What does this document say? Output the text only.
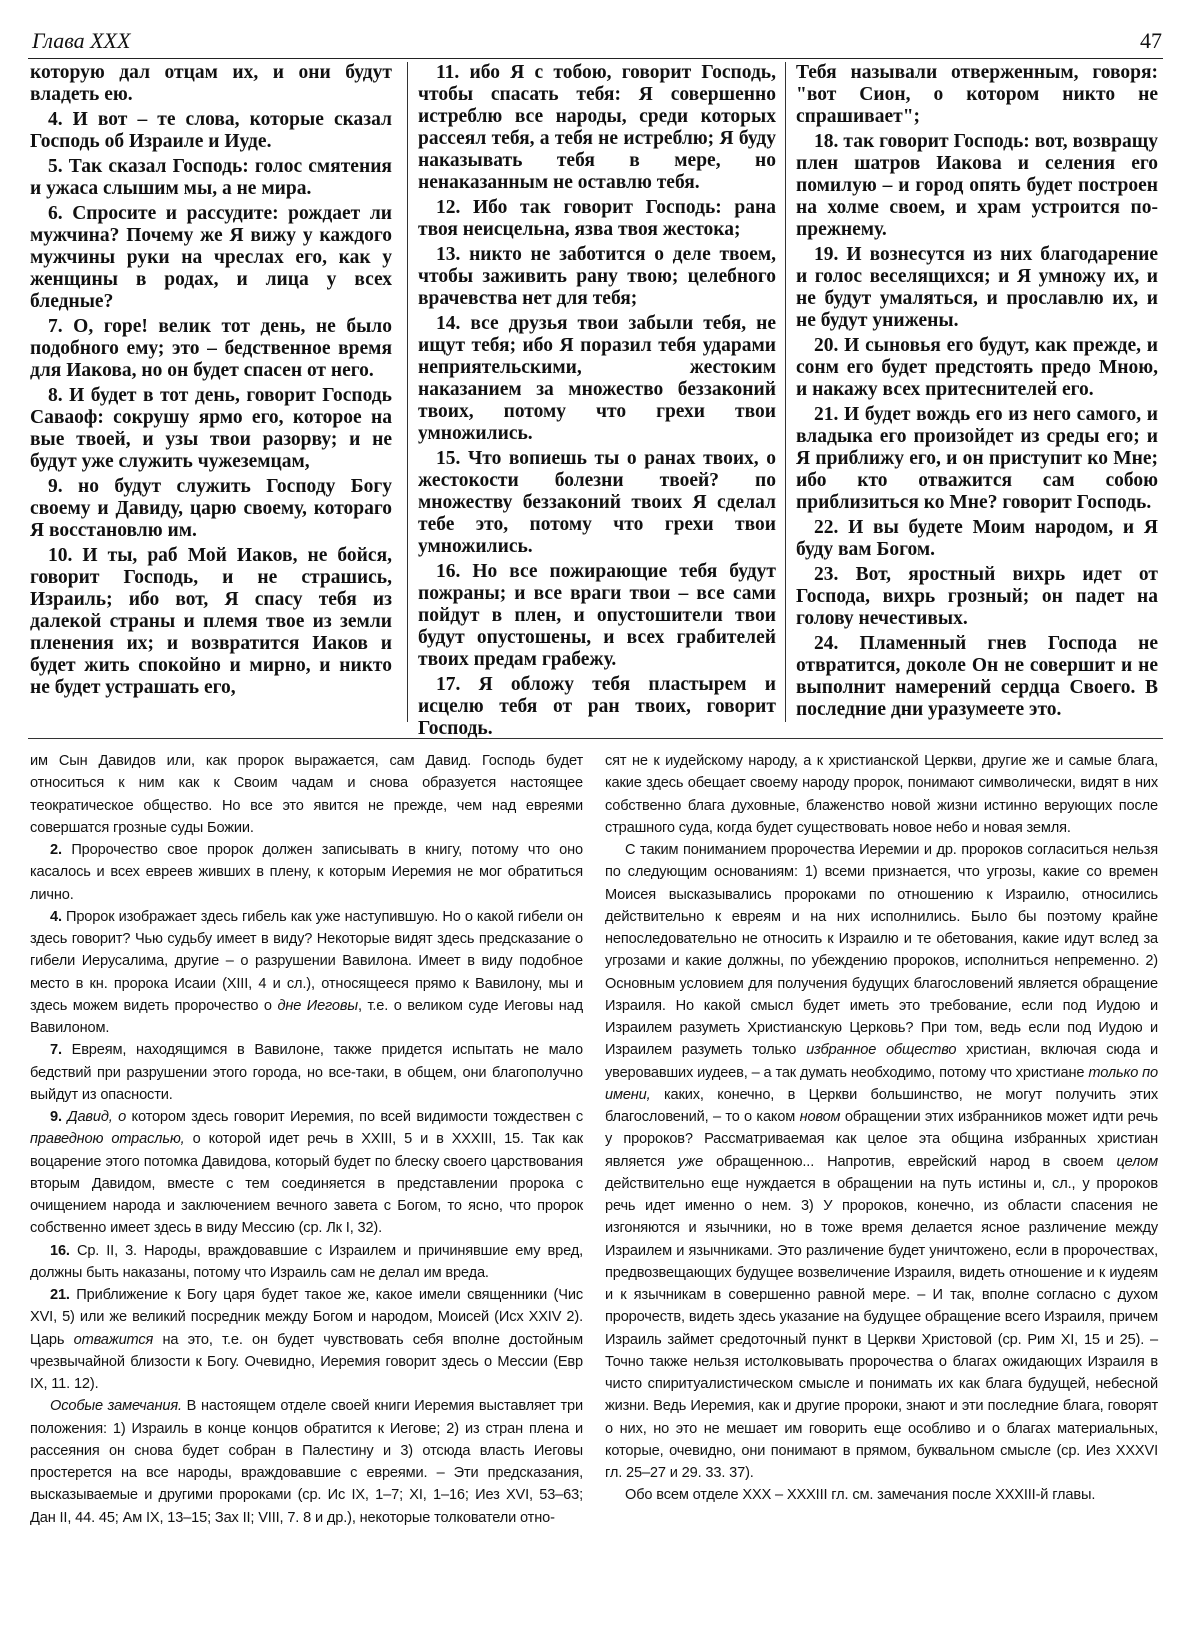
Глава XXX	47

которую дал отцам их, и они будут владеть ею.

4. И вот – те слова, которые сказал Господь об Израиле и Иуде.

5. Так сказал Господь: голос смятения и ужаса слышим мы, а не мира.

6. Спросите и рассудите: рождает ли мужчина? Почему же Я вижу у каждого мужчины руки на чреслах его, как у женщины в родах, и лица у всех бледные?

7. О, горе! велик тот день, не было подобного ему; это – бедственное время для Иакова, но он будет спасен от него.

8. И будет в тот день, говорит Господь Саваоф: сокрушу ярмо его, которое на вые твоей, и узы твои разорву; и не будут уже служить чужеземцам,

9. но будут служить Господу Богу своему и Давиду, царю своему, котораго Я восстановлю им.

10. И ты, раб Мой Иаков, не бойся, говорит Господь, и не страшись, Израиль; ибо вот, Я спасу тебя из далекой страны и племя твое из земли пленения их; и возвратится Иаков и будет жить спокойно и мирно, и никто не будет устрашать его,

11. ибо Я с тобою, говорит Господь, чтобы спасать тебя: Я совершенно истреблю все народы, среди которых рассеял тебя, а тебя не истреблю; Я буду наказывать тебя в мере, но ненаказанным не оставлю тебя.

12. Ибо так говорит Господь: рана твоя неисцельна, язва твоя жестока;

13. никто не заботится о деле твоем, чтобы заживить рану твою; целебного врачевства нет для тебя;

14. все друзья твои забыли тебя, не ищут тебя; ибо Я поразил тебя ударами неприятельскими, жестоким наказанием за множество беззаконий твоих, потому что грехи твои умножились.

15. Что вопиешь ты о ранах твоих, о жестокости болезни твоей? по множеству беззаконий твоих Я сделал тебе это, потому что грехи твои умножились.

16. Но все пожирающие тебя будут пожраны; и все враги твои – все сами пойдут в плен, и опустошители твои будут опустошены, и всех грабителей твоих предам грабежу.

17. Я обложу тебя пластырем и исцелю тебя от ран твоих, говорит Господь.

Тебя называли отверженным, говоря: "вот Сион, о котором никто не спрашивает";

18. так говорит Господь: вот, возвращу плен шатров Иакова и селения его помилую – и город опять будет построен на холме своем, и храм устроится по-прежнему.

19. И вознесутся из них благодарение и голос веселящихся; и Я умножу их, и не будут умаляться, и прославлю их, и не будут унижены.

20. И сыновья его будут, как прежде, и сонм его будет предстоять предо Мною, и накажу всех притеснителей его.

21. И будет вождь его из него самого, и владыка его произойдет из среды его; и Я приближу его, и он приступит ко Мне; ибо кто отважится сам собою приблизиться ко Мне? говорит Господь.

22. И вы будете Моим народом, и Я буду вам Богом.

23. Вот, яростный вихрь идет от Господа, вихрь грозный; он падет на голову нечестивых.

24. Пламенный гнев Господа не отвратится, доколе Он не совершит и не выполнит намерений сердца Своего. В последние дни уразумеете это.

им Сын Давидов или, как пророк выражается, сам Давид. Господь будет относиться к ним как к Своим чадам и снова образуется настоящее теократическое общество. Но все это явится не прежде, чем над евреями совершатся грозные суды Божии.

2. Пророчество свое пророк должен записывать в книгу, потому что оно касалось и всех евреев живших в плену, к которым Иеремия не мог обратиться лично.

4. Пророк изображает здесь гибель как уже наступившую. Но о какой гибели он здесь говорит? Чью судьбу имеет в виду? Некоторые видят здесь предсказание о гибели Иерусалима, другие – о разрушении Вавилона. Имеет в виду подобное место в кн. пророка Исаии (XIII, 4 и сл.), относящееся прямо к Вавилону, мы и здесь можем видеть пророчество о дне Иеговы, т.е. о великом суде Иеговы над Вавилоном.

7. Евреям, находящимся в Вавилоне, также придется испытать не мало бедствий при разрушении этого города, но все-таки, в общем, они благополучно выйдут из опасности.

9. Давид, о котором здесь говорит Иеремия, по всей видимости тождествен с праведною отраслью, о которой идет речь в XXIII, 5 и в XXXIII, 15. Так как воцарение этого потомка Давидова, который будет по блеску своего царствования вторым Давидом, вместе с тем соединяется в представлении пророка с очищением народа и заключением вечного завета с Богом, то ясно, что пророк собственно имеет здесь в виду Мессию (ср. Лк I, 32).

16. Ср. II, 3. Народы, враждовавшие с Израилем и причинявшие ему вред, должны быть наказаны, потому что Израиль сам не делал им вреда.

21. Приближение к Богу царя будет такое же, какое имели священники (Чис XVI, 5) или же великий посредник между Богом и народом, Моисей (Исх XXIV 2). Царь отважится на это, т.е. он будет чувствовать себя вполне достойным чрезвычайной близости к Богу. Очевидно, Иеремия говорит здесь о Мессии (Евр IX, 11. 12).

Особые замечания. В настоящем отделе своей книги Иеремия выставляет три положения: 1) Израиль в конце концов обратится к Иегове; 2) из стран плена и рассеяния он снова будет собран в Палестину и 3) отсюда власть Иеговы простерется на все народы, враждовавшие с евреями. – Эти предсказания, высказываемые и другими пророками (ср. Ис IX, 1–7; XI, 1–16; Иез XVI, 53–63; Дан II, 44. 45; Ам IX, 13–15; Зах II; VIII, 7. 8 и др.), некоторые толкователи отно-

сят не к иудейскому народу, а к христианской Церкви, другие же и самые блага, какие здесь обещает своему народу пророк, понимают символически, видят в них собственно блага духовные, блаженство новой жизни истинно верующих после страшного суда, когда будет существовать новое небо и новая земля.

С таким пониманием пророчества Иеремии и др. пророков согласиться нельзя по следующим основаниям: 1) всеми признается, что угрозы, какие со времен Моисея высказывались пророками по отношению к Израилю, относились действительно к евреям и на них исполнились. Было бы поэтому крайне непоследовательно не относить к Израилю и те обетования, какие идут вслед за угрозами и какие должны, по убеждению пророков, исполниться непременно. 2) Основным условием для получения будущих благословений является обращение Израиля. Но какой смысл будет иметь это требование, если под Иудою и Израилем разуметь Христианскую Церковь? При том, ведь если под Иудою и Израилем разуметь только избранное общество христиан, включая сюда и уверовавших иудеев, – а так думать необходимо, потому что христиане только по имени, каких, конечно, в Церкви большинство, не могут получить этих благословений, – то о каком новом обращении этих избранников может идти речь у пророков? Рассматриваемая как целое эта община избранных христиан является уже обращенною... Напротив, еврейский народ в своем целом действительно еще нуждается в обращении на путь истины и, сл., у пророков речь идет именно о нем. 3) У пророков, конечно, из области спасения не изгоняются и язычники, но в тоже время делается ясное различение между Израилем и язычниками. Это различение будет уничтожено, если в пророчествах, предвозвещающих будущее возвеличение Израиля, видеть отношение и к иудеям и к язычникам в совершенно равной мере. – И так, вполне согласно с духом пророчеств, видеть здесь указание на будущее обращение всего Израиля, причем Израиль займет средоточный пункт в Церкви Христовой (ср. Рим XI, 15 и 25). – Точно также нельзя истолковывать пророчества о благах ожидающих Израиля в чисто спиритуалистическом смысле и понимать их как блага будущей, небесной жизни. Ведь Иеремия, как и другие пророки, знают и эти последние блага, говорят о них, но это не мешает им говорить еще особливо и о благах материальных, которые, очевидно, они понимают в прямом, буквальном смысле (ср. Иез XXXVI гл. 25–27 и 29. 33. 37).

Обо всем отделе XXX – XXXIII гл. см. замечания после XXXIII-й главы.
